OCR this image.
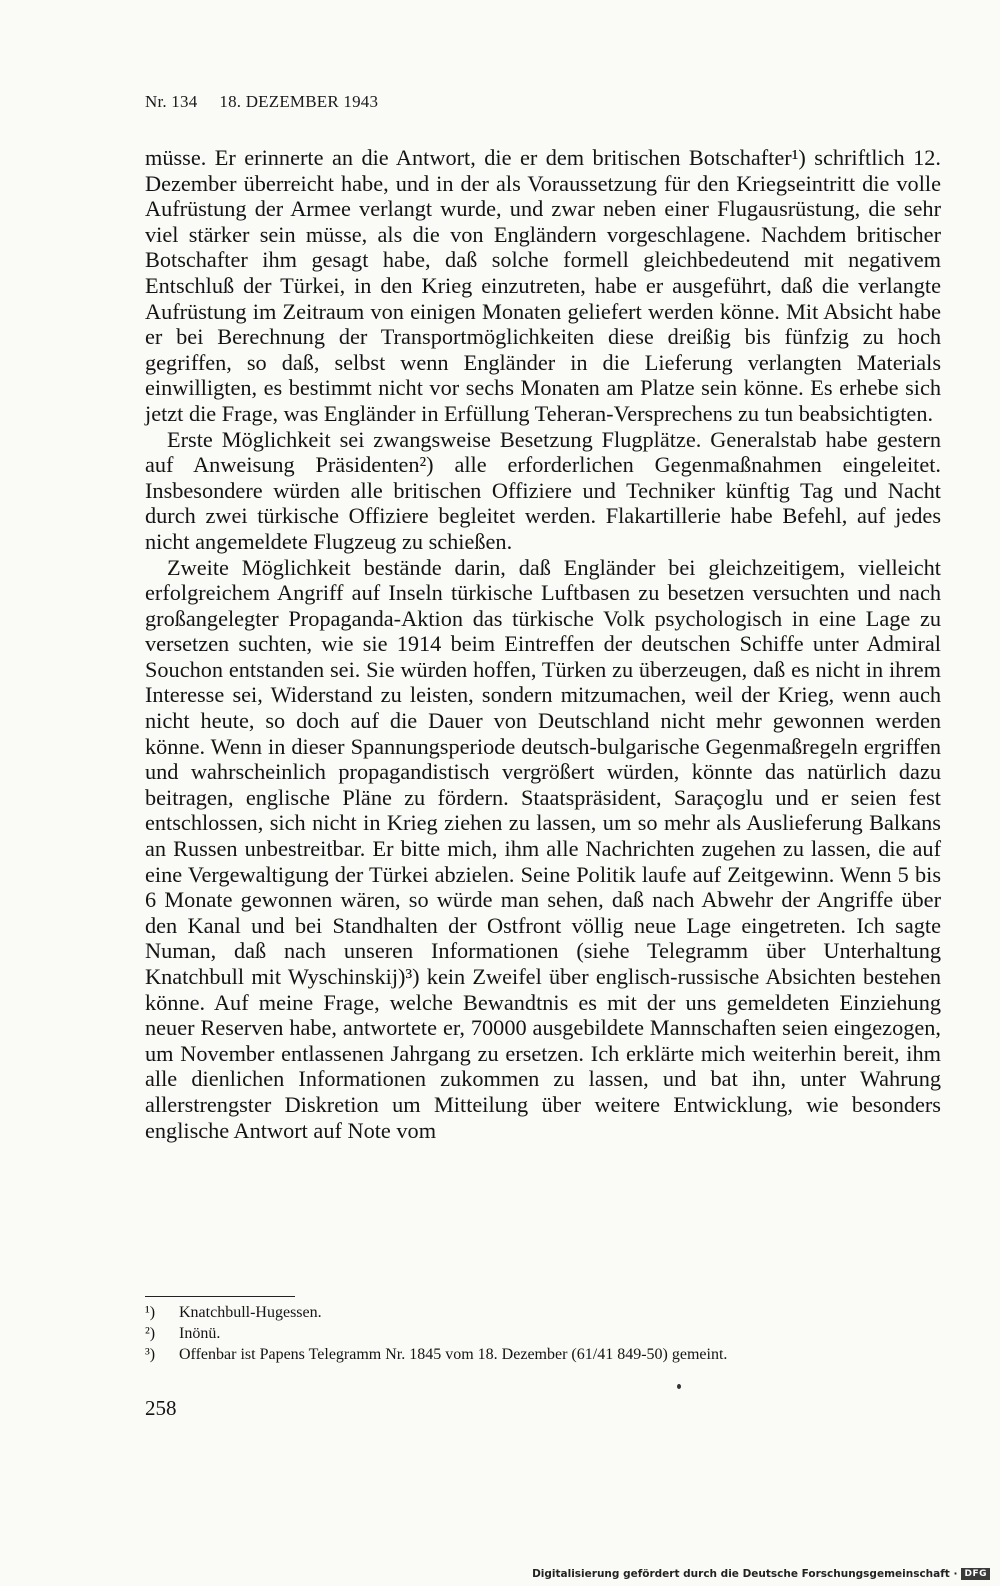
Nr. 134 18. DEZEMBER 1943

müsse. Er erinnerte an die Antwort, die er dem britischen Botschafter¹) schriftlich 12. Dezember überreicht habe, und in der als Voraussetzung für den Kriegseintritt die volle Aufrüstung der Armee verlangt wurde, und zwar neben einer Flugausrüstung, die sehr viel stärker sein müsse, als die von Engländern vorgeschlagene. Nachdem britischer Botschafter ihm gesagt habe, daß solche formell gleichbedeutend mit negativem Entschluß der Türkei, in den Krieg einzutreten, habe er ausgeführt, daß die verlangte Aufrüstung im Zeitraum von einigen Monaten geliefert werden könne. Mit Absicht habe er bei Berechnung der Transportmöglichkeiten diese dreißig bis fünfzig zu hoch gegriffen, so daß, selbst wenn Engländer in die Lieferung verlangten Materials einwilligten, es bestimmt nicht vor sechs Monaten am Platze sein könne. Es erhebe sich jetzt die Frage, was Engländer in Erfüllung Teheran-Versprechens zu tun beabsichtigten.

Erste Möglichkeit sei zwangsweise Besetzung Flugplätze. Generalstab habe gestern auf Anweisung Präsidenten²) alle erforderlichen Gegenmaßnahmen eingeleitet. Insbesondere würden alle britischen Offiziere und Techniker künftig Tag und Nacht durch zwei türkische Offiziere begleitet werden. Flakartillerie habe Befehl, auf jedes nicht angemeldete Flugzeug zu schießen.

Zweite Möglichkeit bestände darin, daß Engländer bei gleichzeitigem, vielleicht erfolgreichem Angriff auf Inseln türkische Luftbasen zu besetzen versuchten und nach großangelegter Propaganda-Aktion das türkische Volk psychologisch in eine Lage zu versetzen suchten, wie sie 1914 beim Eintreffen der deutschen Schiffe unter Admiral Souchon entstanden sei. Sie würden hoffen, Türken zu überzeugen, daß es nicht in ihrem Interesse sei, Widerstand zu leisten, sondern mitzumachen, weil der Krieg, wenn auch nicht heute, so doch auf die Dauer von Deutschland nicht mehr gewonnen werden könne. Wenn in dieser Spannungsperiode deutsch-bulgarische Gegenmaßregeln ergriffen und wahrscheinlich propagandistisch vergrößert würden, könnte das natürlich dazu beitragen, englische Pläne zu fördern. Staatspräsident, Saraçoglu und er seien fest entschlossen, sich nicht in Krieg ziehen zu lassen, um so mehr als Auslieferung Balkans an Russen unbestreitbar. Er bitte mich, ihm alle Nachrichten zugehen zu lassen, die auf eine Vergewaltigung der Türkei abzielen. Seine Politik laufe auf Zeitgewinn. Wenn 5 bis 6 Monate gewonnen wären, so würde man sehen, daß nach Abwehr der Angriffe über den Kanal und bei Standhalten der Ostfront völlig neue Lage eingetreten. Ich sagte Numan, daß nach unseren Informationen (siehe Telegramm über Unterhaltung Knatchbull mit Wyschinskij)³) kein Zweifel über englisch-russische Absichten bestehen könne. Auf meine Frage, welche Bewandtnis es mit der uns gemeldeten Einziehung neuer Reserven habe, antwortete er, 70000 ausgebildete Mannschaften seien eingezogen, um November entlassenen Jahrgang zu ersetzen. Ich erklärte mich weiterhin bereit, ihm alle dienlichen Informationen zukommen zu lassen, und bat ihn, unter Wahrung allerstrengster Diskretion um Mitteilung über weitere Entwicklung, wie besonders englische Antwort auf Note vom

¹) Knatchbull-Hugessen.
²) Inönü.
³) Offenbar ist Papens Telegramm Nr. 1845 vom 18. Dezember (61/41 849-50) gemeint.
258
Digitalisierung gefördert durch die Deutsche Forschungsgemeinschaft · DFG
